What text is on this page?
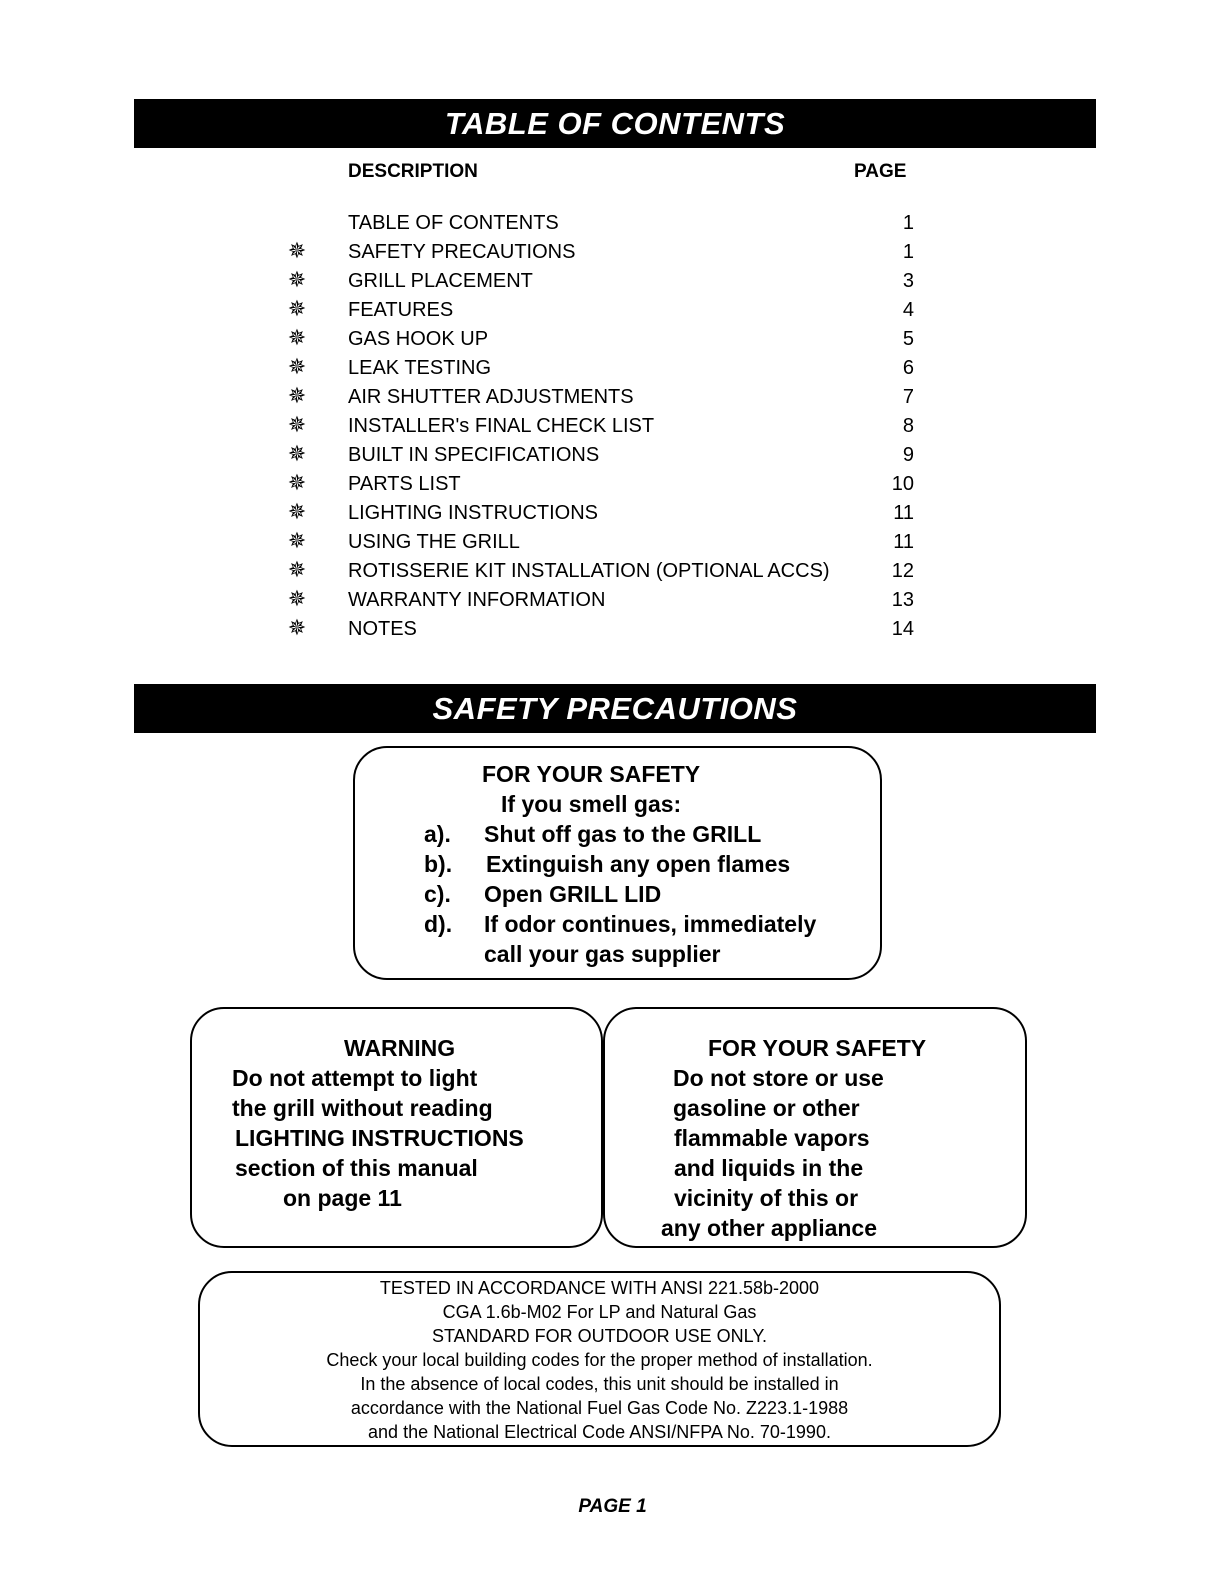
TABLE OF CONTENTS
DESCRIPTION	PAGE
TABLE OF CONTENTS	1
✵ SAFETY PRECAUTIONS	1
✵ GRILL PLACEMENT	3
✵ FEATURES	4
✵ GAS HOOK UP	5
✵ LEAK TESTING	6
✵ AIR SHUTTER ADJUSTMENTS	7
✵ INSTALLER's FINAL CHECK LIST	8
✵ BUILT IN SPECIFICATIONS	9
✵ PARTS LIST	10
✵ LIGHTING INSTRUCTIONS	11
✵ USING THE GRILL	11
✵ ROTISSERIE KIT INSTALLATION (OPTIONAL ACCS)	12
✵ WARRANTY INFORMATION	13
✵ NOTES	14
SAFETY PRECAUTIONS
FOR YOUR SAFETY
If you smell gas:
a). Shut off gas to the GRILL
b). Extinguish any open flames
c). Open GRILL LID
d). If odor continues, immediately
call your gas supplier
WARNING
Do not attempt to light
the grill without reading
LIGHTING INSTRUCTIONS
section of this manual
on page 11
FOR YOUR SAFETY
Do not store or use
gasoline or other
flammable vapors
and liquids in the
vicinity of this or
any other appliance
TESTED IN ACCORDANCE WITH ANSI 221.58b-2000
CGA 1.6b-M02 For LP and Natural Gas
STANDARD FOR OUTDOOR USE ONLY.
Check your local building codes for the proper method of installation.
In the absence of local codes, this unit should be installed in
accordance with the National Fuel Gas Code No. Z223.1-1988
and the National Electrical Code ANSI/NFPA No. 70-1990.
PAGE 1
